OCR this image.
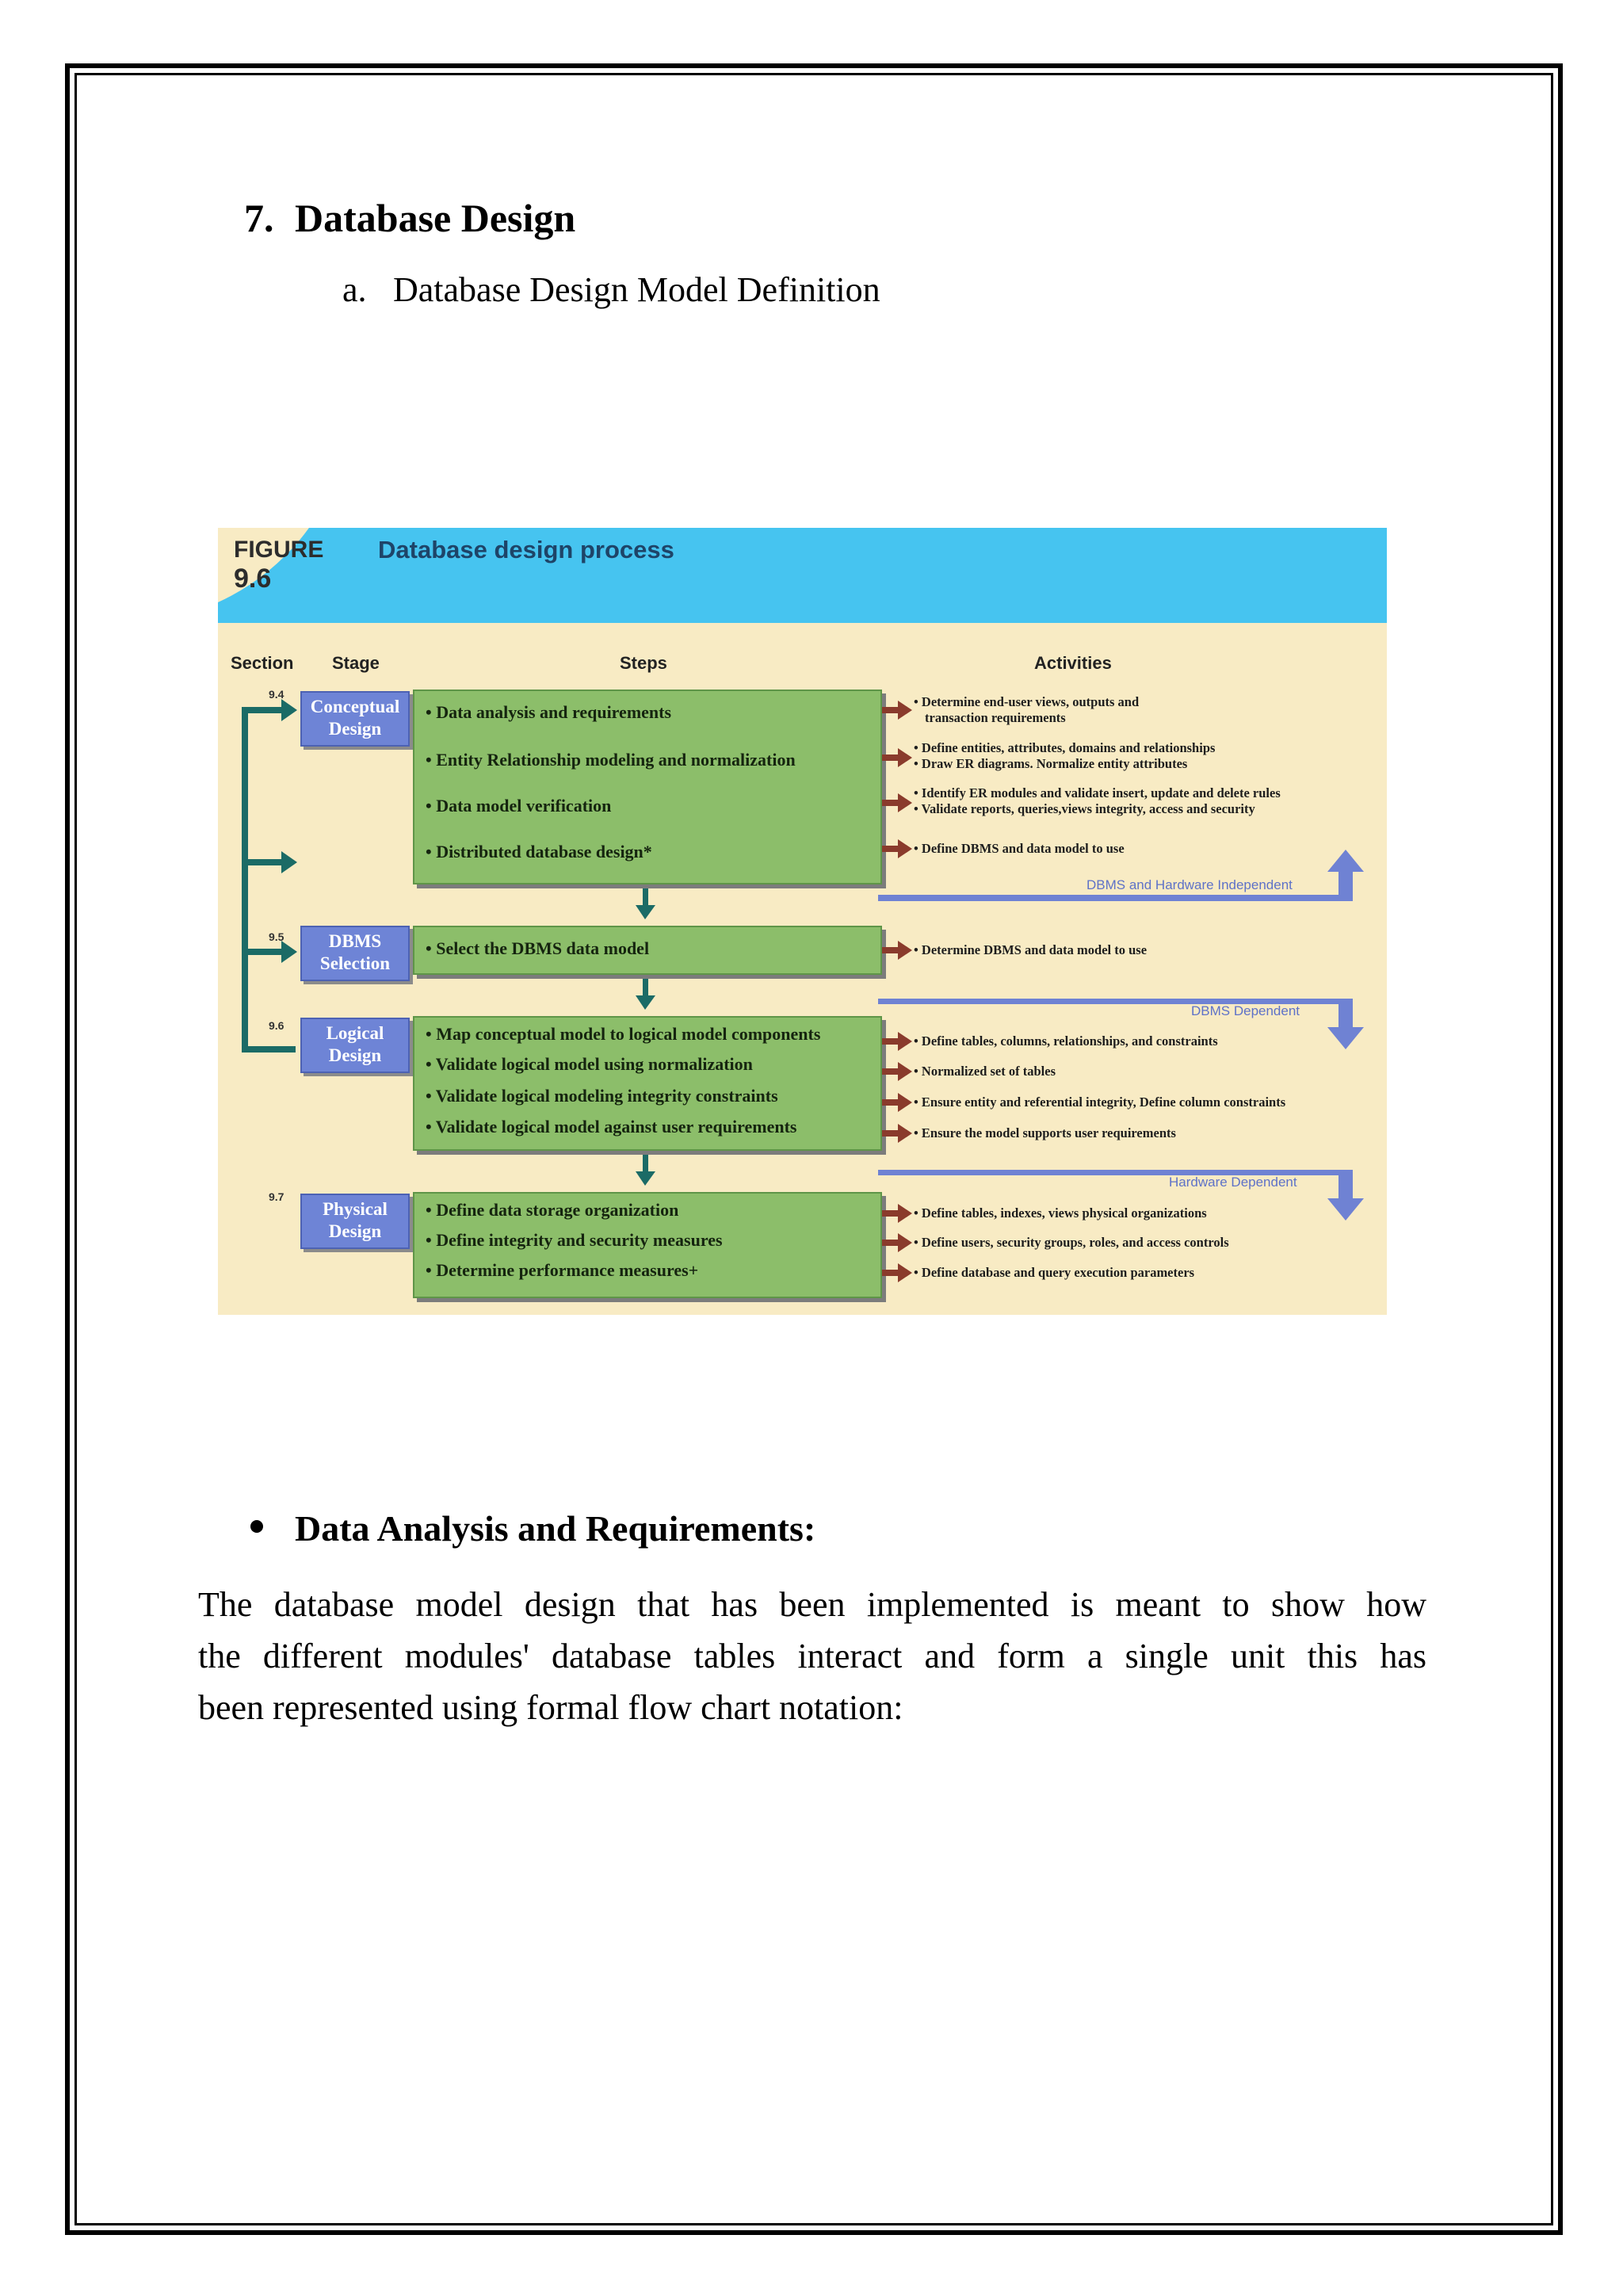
7. Database Design
a. Database Design Model Definition
FIGURE
9.6
Database design process
Section Stage	Steps	Activities
9.4
9.5
9.6
9.7
Conceptual Design
DBMS Selection
Logical Design
Physical Design
• Data analysis and requirements
• Entity Relationship modeling and normalization
• Data model verification
• Distributed database design*
• Select the DBMS data model
• Map conceptual model to logical model components
• Validate logical model using normalization
• Validate logical modeling integrity constraints
• Validate logical model against user requirements
• Define data storage organization
• Define integrity and security measures
• Determine performance measures+
• Determine end-user views, outputs and
transaction requirements
• Define entities, attributes, domains and relationships
• Draw ER diagrams. Normalize entity attributes
• Identify ER modules and validate insert, update and delete rules
• Validate reports, queries,views integrity, access and security
• Define DBMS and data model to use
• Determine DBMS and data model to use
• Define tables, columns, relationships, and constraints
• Normalized set of tables
• Ensure entity and referential integrity, Define column constraints
• Ensure the model supports user requirements
• Define tables, indexes, views physical organizations
• Define users, security groups, roles, and access controls
• Define database and query execution parameters
DBMS and Hardware Independent
DBMS Dependent
Hardware Dependent
Data Analysis and Requirements:
The database model design that has been implemented is meant to show how
the different modules' database tables interact and form a single unit this has
been represented using formal flow chart notation:
